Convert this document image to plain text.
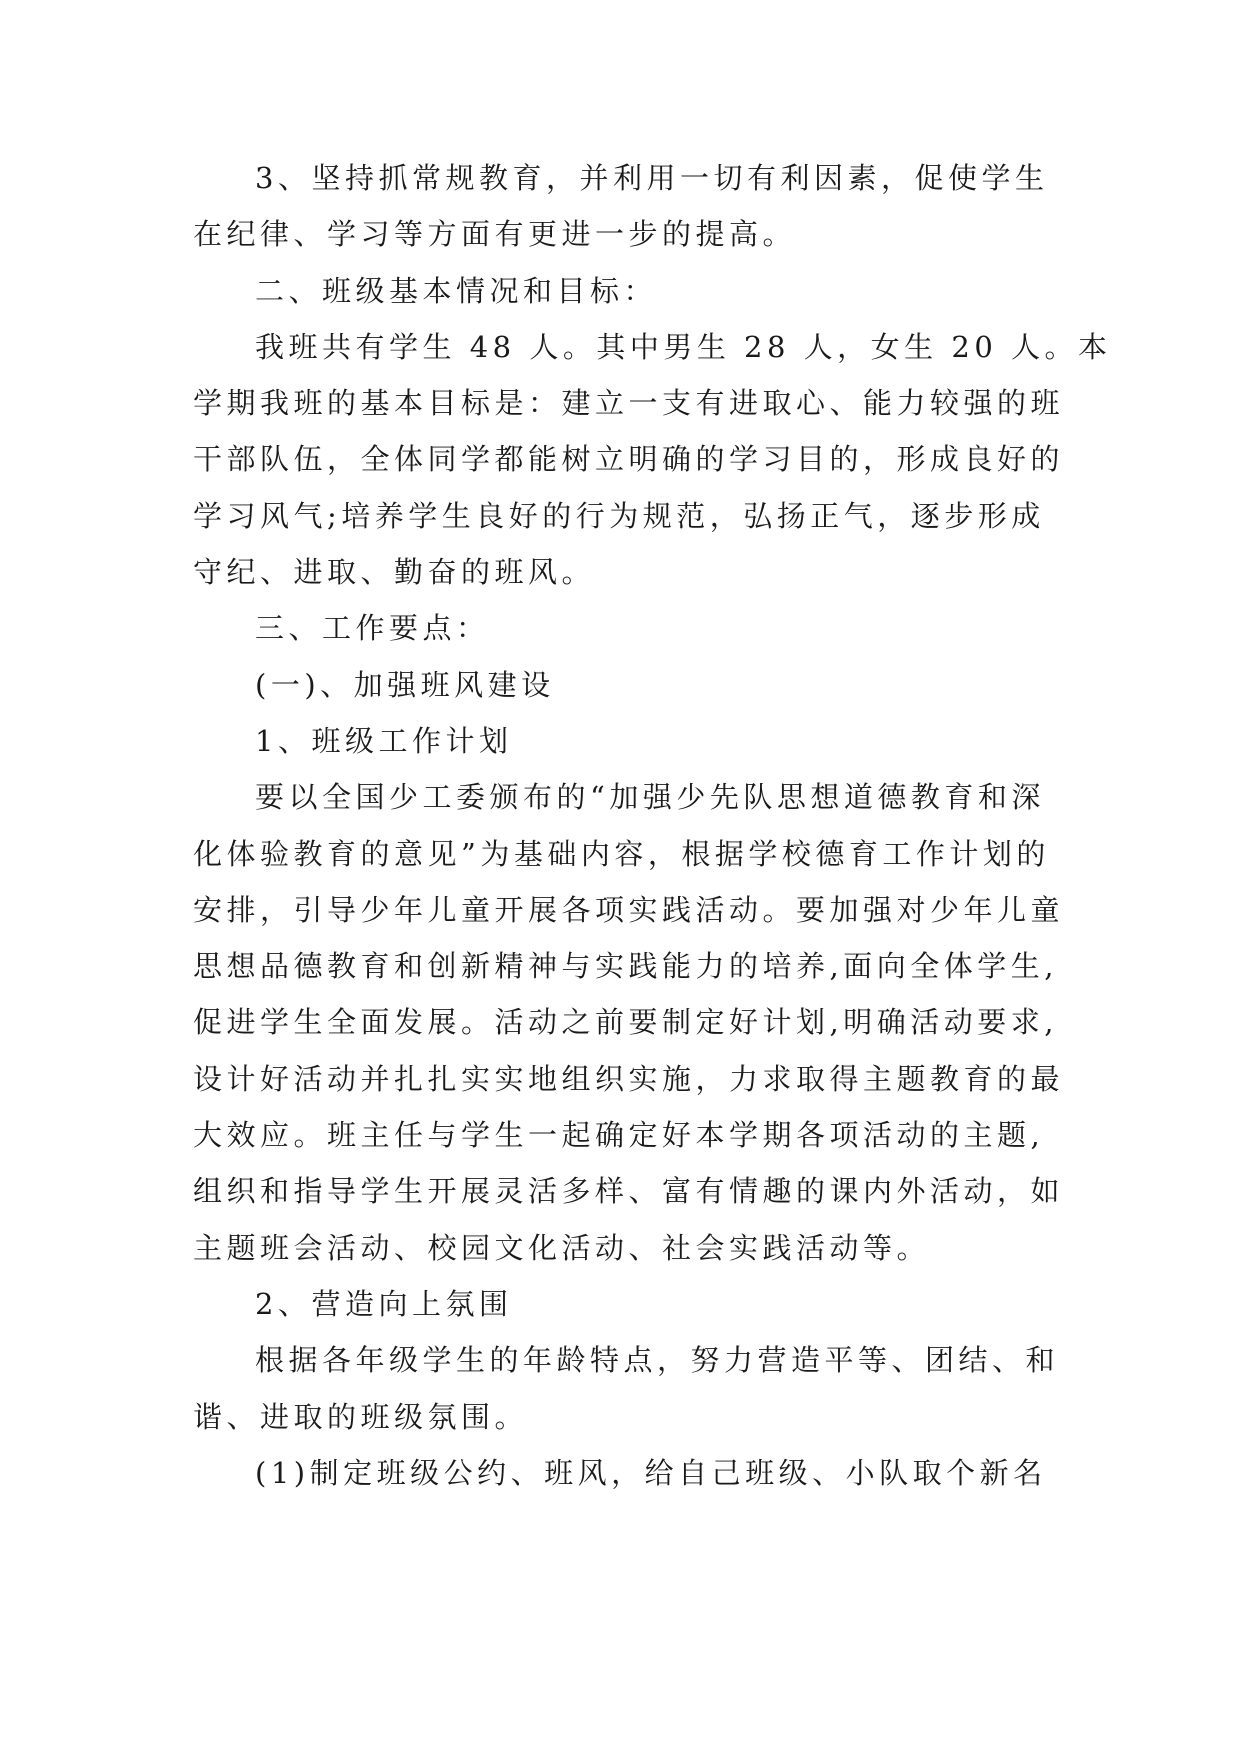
3、坚持抓常规教育，并利用一切有利因素，促使学生
在纪律、学习等方面有更进一步的提高。
二、班级基本情况和目标：
我班共有学生 48 人。其中男生 28 人，女生 20 人。本
学期我班的基本目标是：建立一支有进取心、能力较强的班
干部队伍，全体同学都能树立明确的学习目的，形成良好的
学习风气;培养学生良好的行为规范，弘扬正气，逐步形成
守纪、进取、勤奋的班风。
三、工作要点：
(一)、加强班风建设
1、班级工作计划
要以全国少工委颁布的“加强少先队思想道德教育和深
化体验教育的意见”为基础内容，根据学校德育工作计划的
安排，引导少年儿童开展各项实践活动。要加强对少年儿童
思想品德教育和创新精神与实践能力的培养,面向全体学生,
促进学生全面发展。活动之前要制定好计划,明确活动要求,
设计好活动并扎扎实实地组织实施，力求取得主题教育的最
大效应。班主任与学生一起确定好本学期各项活动的主题,
组织和指导学生开展灵活多样、富有情趣的课内外活动，如
主题班会活动、校园文化活动、社会实践活动等。
2、营造向上氛围
根据各年级学生的年龄特点，努力营造平等、团结、和
谐、进取的班级氛围。
(1)制定班级公约、班风，给自己班级、小队取个新名
